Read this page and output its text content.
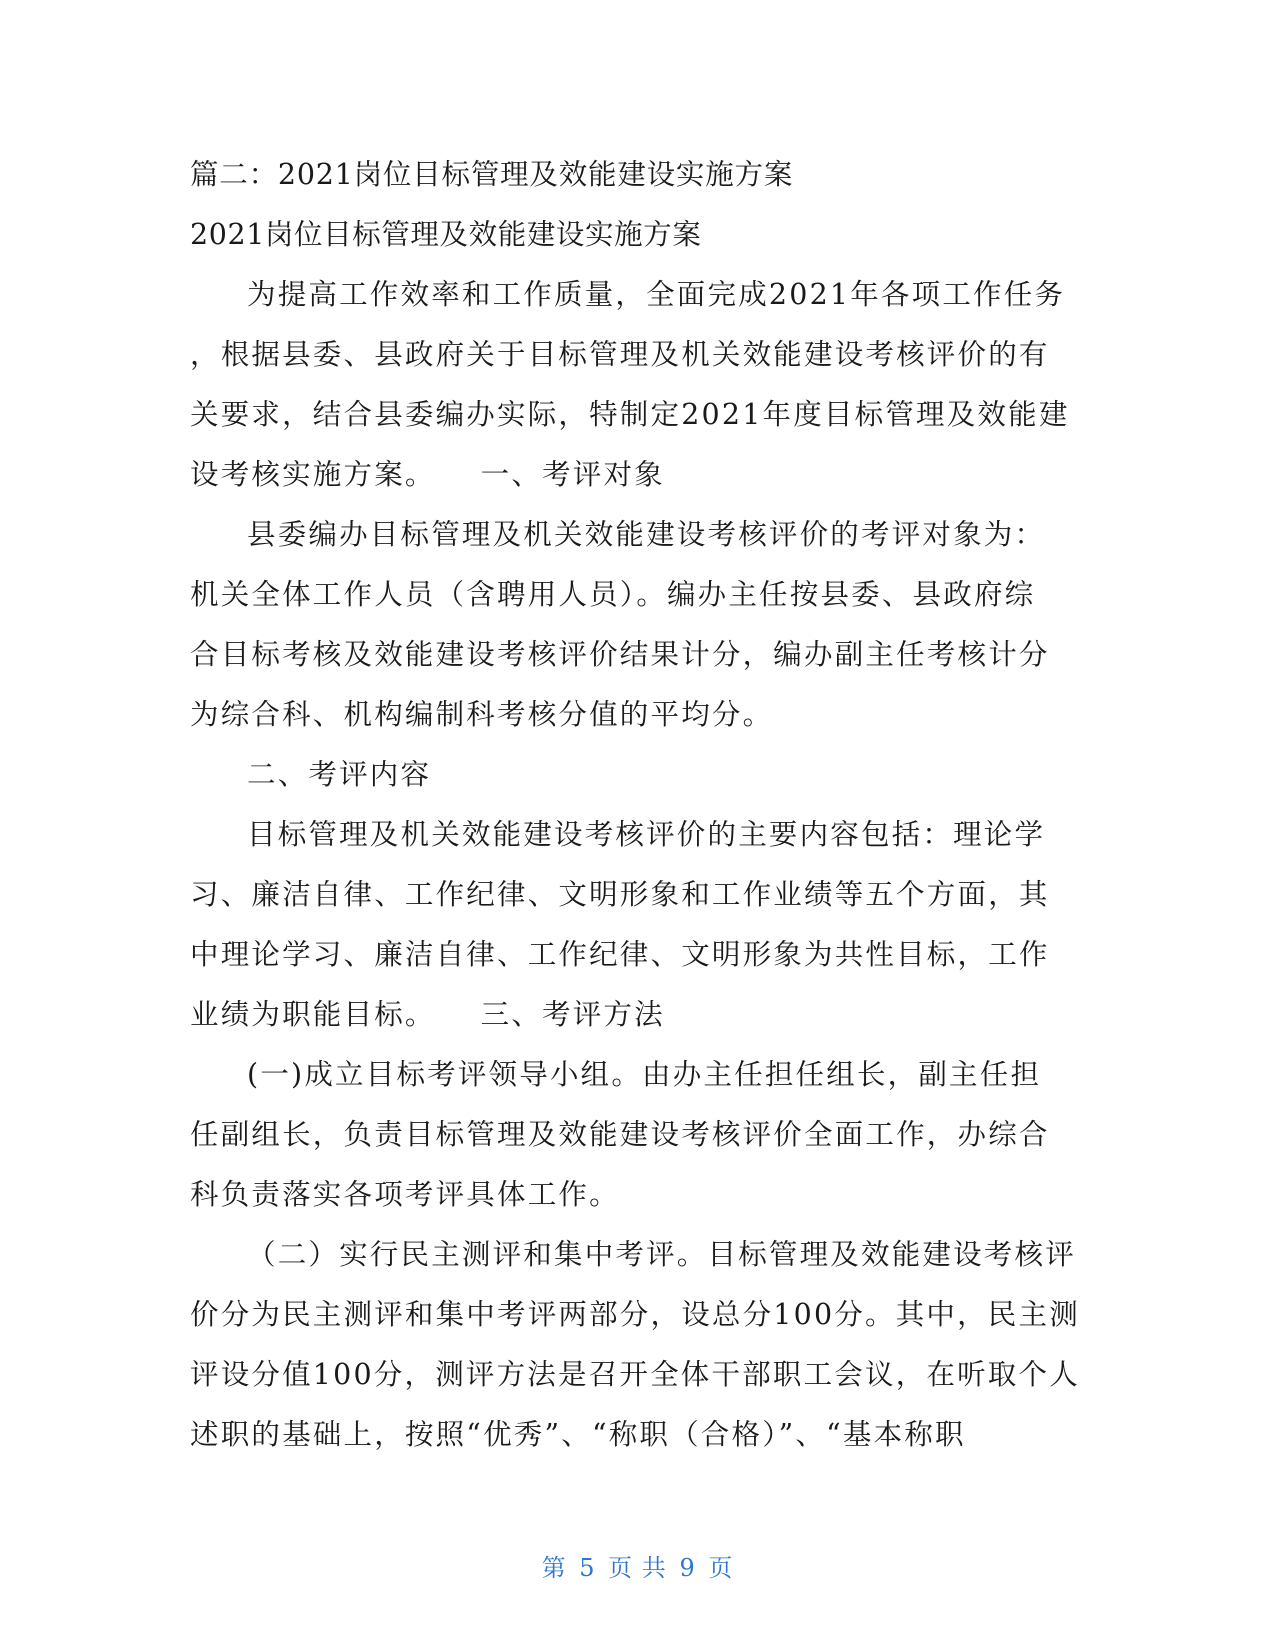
篇二：2021岗位目标管理及效能建设实施方案
2021岗位目标管理及效能建设实施方案
为提高工作效率和工作质量，全面完成2021年各项工作任务
，根据县委、县政府关于目标管理及机关效能建设考核评价的有
关要求，结合县委编办实际，特制定2021年度目标管理及效能建
设考核实施方案。    一、考评对象
县委编办目标管理及机关效能建设考核评价的考评对象为：
机关全体工作人员（含聘用人员）。编办主任按县委、县政府综
合目标考核及效能建设考核评价结果计分，编办副主任考核计分
为综合科、机构编制科考核分值的平均分。
二、考评内容
目标管理及机关效能建设考核评价的主要内容包括：理论学
习、廉洁自律、工作纪律、文明形象和工作业绩等五个方面，其
中理论学习、廉洁自律、工作纪律、文明形象为共性目标，工作
业绩为职能目标。    三、考评方法
(一)成立目标考评领导小组。由办主任担任组长，副主任担
任副组长，负责目标管理及效能建设考核评价全面工作，办综合
科负责落实各项考评具体工作。
（二）实行民主测评和集中考评。目标管理及效能建设考核评
价分为民主测评和集中考评两部分，设总分100分。其中，民主测
评设分值100分，测评方法是召开全体干部职工会议，在听取个人
述职的基础上，按照“优秀”、“称职（合格）”、“基本称职
第 5 页 共 9 页
